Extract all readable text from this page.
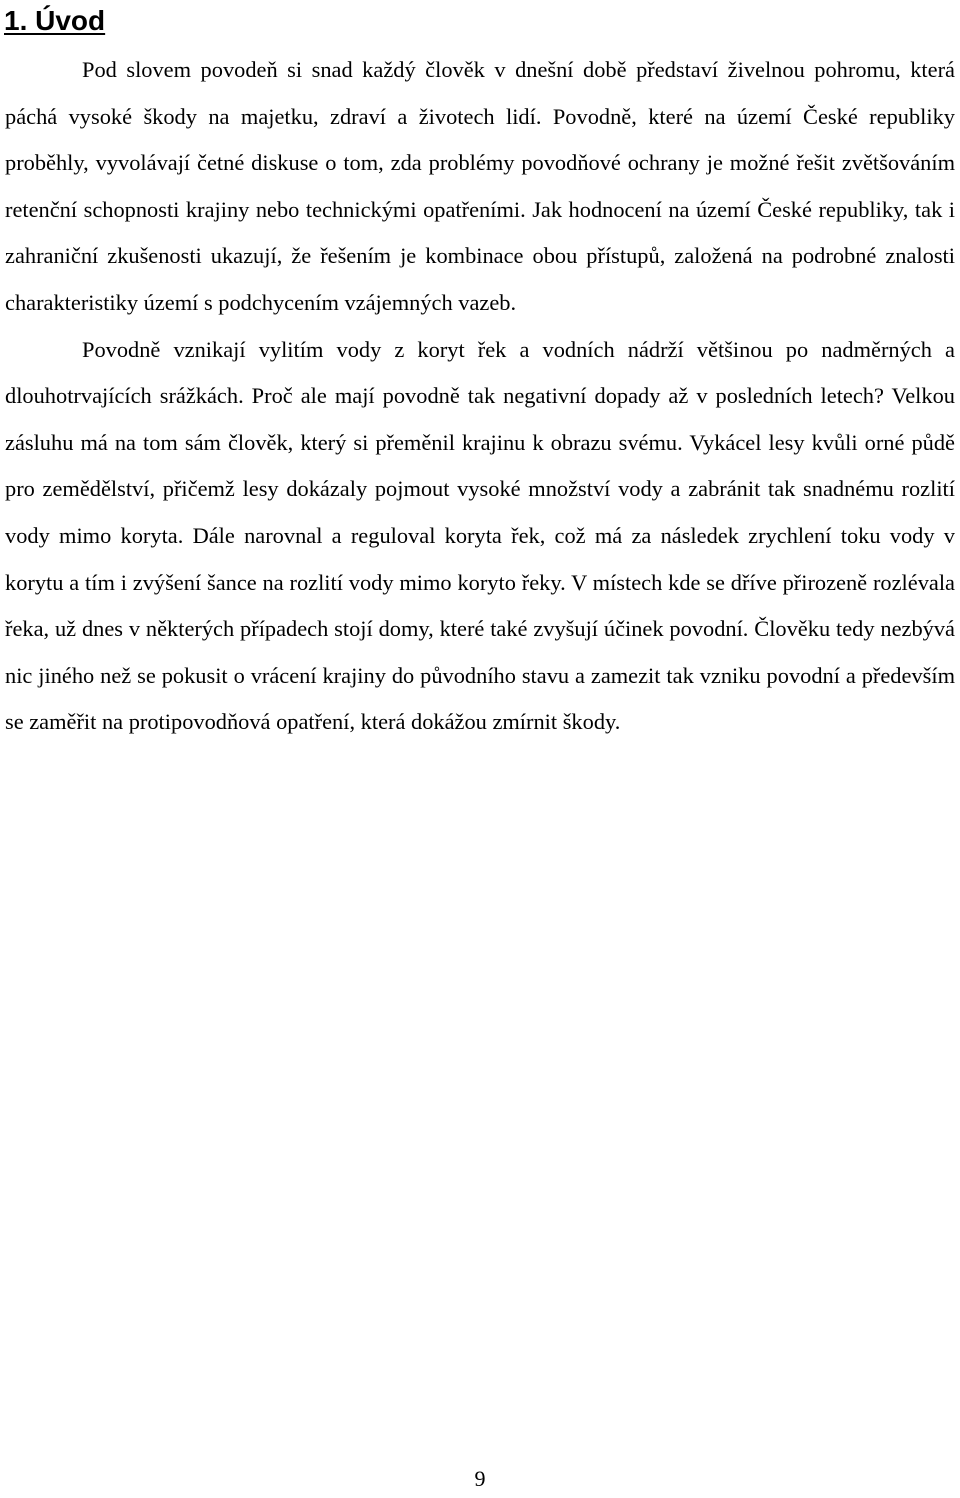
1. Úvod

Pod slovem povodeň si snad každý člověk v dnešní době představí živelnou pohromu, která páchá vysoké škody na majetku, zdraví a životech lidí. Povodně, které na území České republiky proběhly, vyvolávají četné diskuse o tom, zda problémy povodňové ochrany je možné řešit zvětšováním retenční schopnosti krajiny nebo technickými opatřeními. Jak hodnocení na území České republiky, tak i zahraniční zkušenosti ukazují, že řešením je kombinace obou přístupů, založená na podrobné znalosti charakteristiky území s podchycením vzájemných vazeb.

Povodně vznikají vylitím vody z koryt řek a vodních nádrží většinou po nadměrných a dlouhotrvajících srážkách. Proč ale mají povodně tak negativní dopady až v posledních letech? Velkou zásluhu má na tom sám člověk, který si přeměnil krajinu k obrazu svému. Vykácel lesy kvůli orné půdě pro zemědělství, přičemž lesy dokázaly pojmout vysoké množství vody a zabránit tak snadnému rozlití vody mimo koryta. Dále narovnal a reguloval koryta řek, což má za následek zrychlení toku vody v korytu a tím i zvýšení šance na rozlití vody mimo koryto řeky. V místech kde se dříve přirozeně rozlévala řeka, už dnes v některých případech stojí domy, které také zvyšují účinek povodní. Člověku tedy nezbývá nic jiného než se pokusit o vrácení krajiny do původního stavu a zamezit tak vzniku povodní a především se zaměřit na protipovodňová opatření, která dokážou zmírnit škody.

9
